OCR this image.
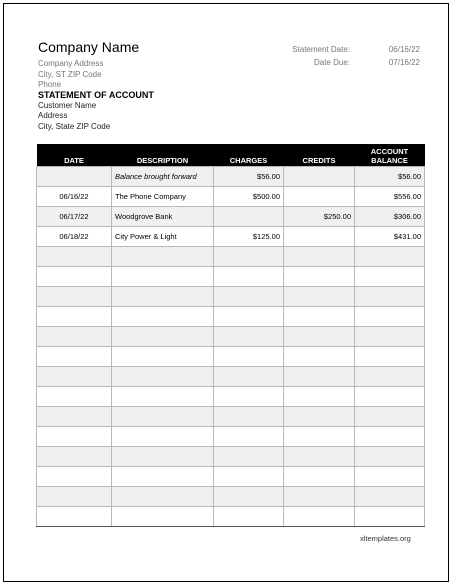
Company Name
Company Address
City, ST ZIP Code
Phone
Statement Date:	06/16/22
Date Due:	07/16/22
STATEMENT OF ACCOUNT
Customer Name
Address
City, State ZIP Code
DATE	DESCRIPTION	CHARGES	CREDITS	ACCOUNT
BALANCE
	Balance brought forward	$56.00		$56.00
06/16/22	The Phone Company	$500.00		$556.00
06/17/22	Woodgrove Bank		$250.00	$306.00
06/18/22	City Power & Light	$125.00		$431.00

xltemplates.org
